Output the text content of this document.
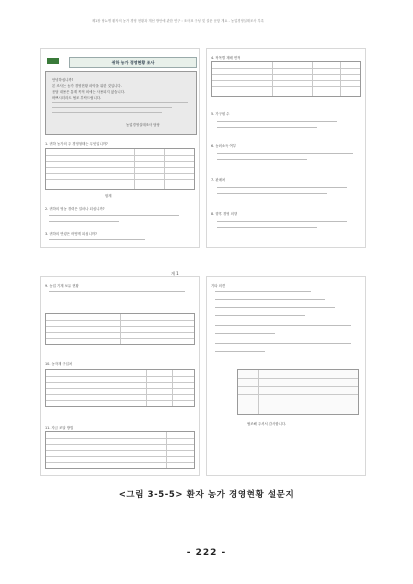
제1장 당뇨병 환자의 농가 경영 현황과 개선 방안에 관한 연구 : 조사표 구성 및 설문 문항 개요 - 농업경영실태조사 부록
귀하 농가 경영현황 조사
안녕하십니까?
본 조사는 농가 경영현황 파악을 위한 것입니다.
응답 내용은 통계 목적 외에는 사용되지 않습니다.
바쁘시더라도 협조 부탁드립니다.
농업경영실태조사 담당
1. 귀하 농가의 주 경영형태는 무엇입니까?
합계
2. 귀하의 영농 경력은 얼마나 되십니까?
3. 귀하의 연령은 어떻게 되십니까?
4. 작목별 재배 면적
5. 가구원 수
6. 농외소득 여부
7. 판매처
8. 향후 경영 의향
개 1
9. 농업 기계 보유 현황
10. 농자재 구입처
11. 자금 조달 방법
기타 의견
협조해 주셔서 감사합니다.
<그림 3-5-5> 환자 농가 경영현황 설문지
- 222 -
